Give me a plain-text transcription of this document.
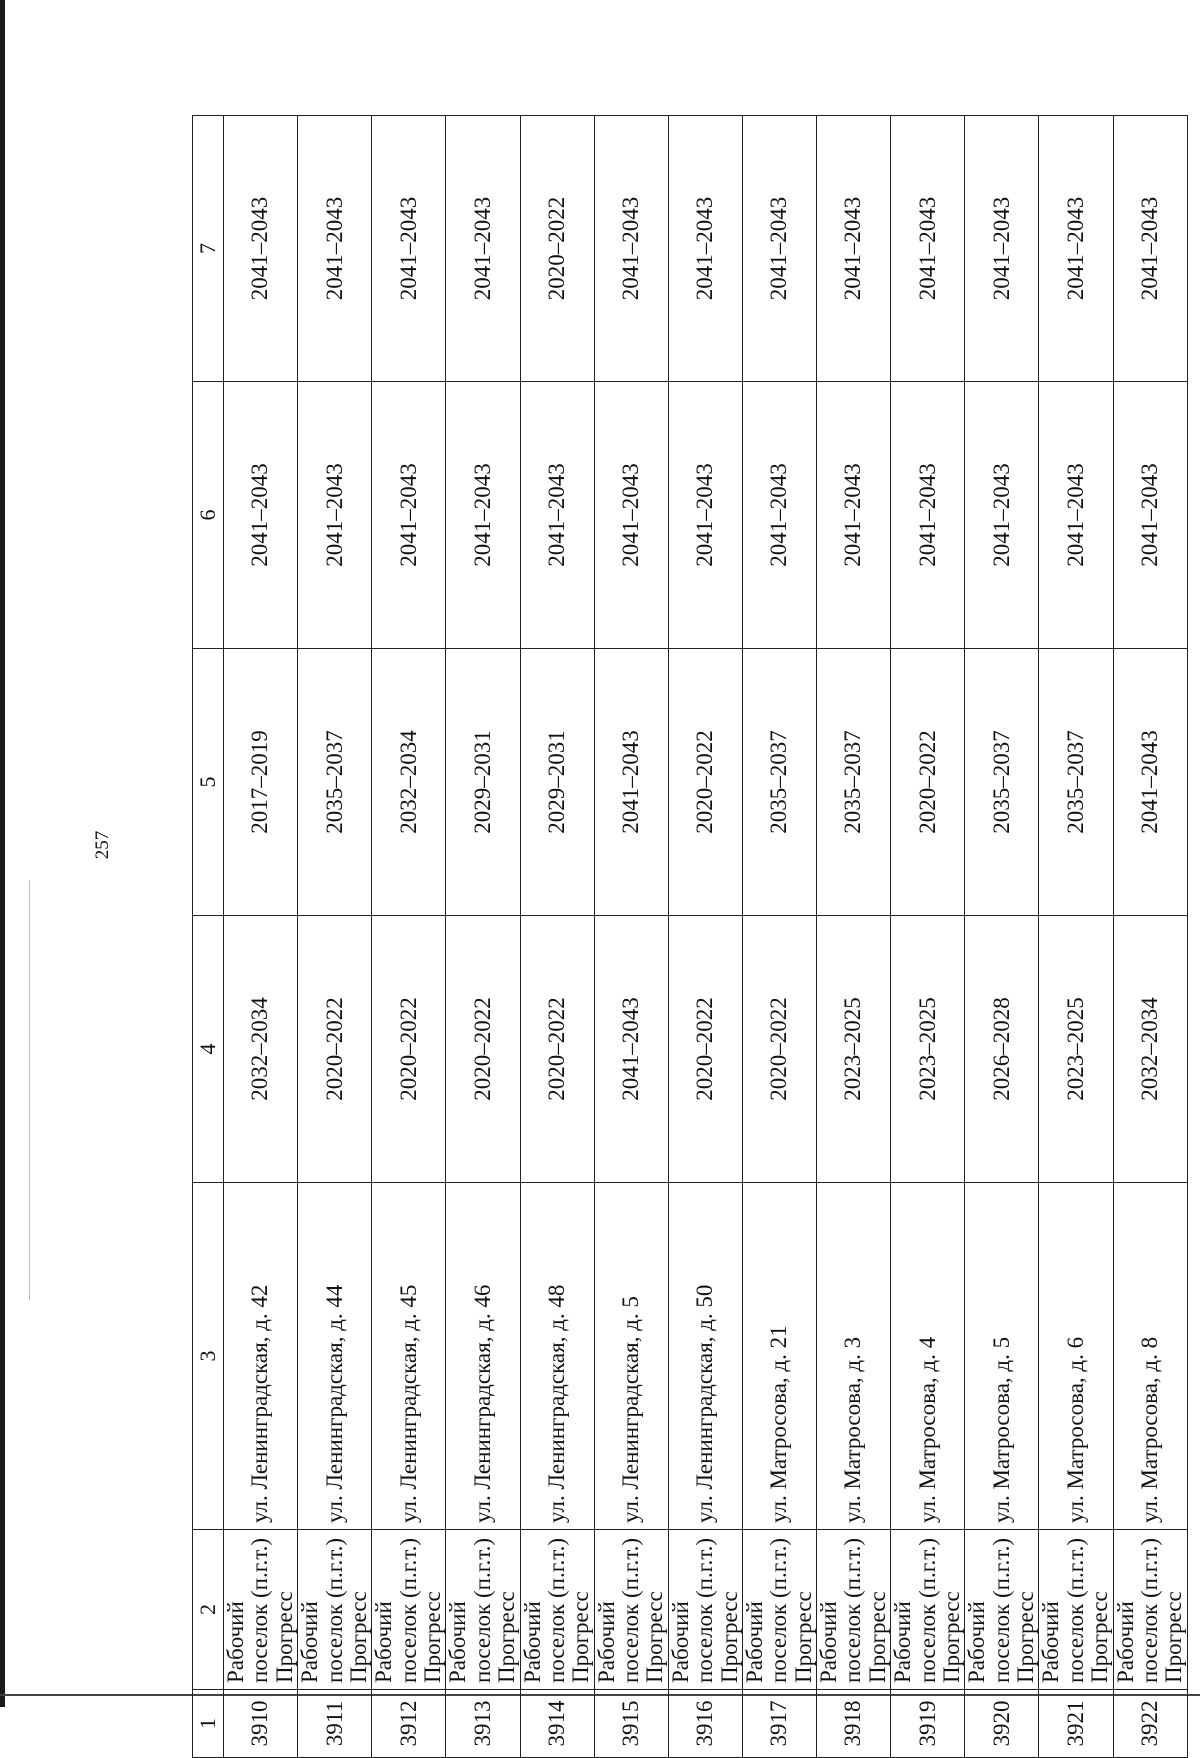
257
1	2	3	4	5	6	7
3910	Рабочий поселок (п.г.т.) Прогресс	ул. Ленинградская, д. 42	2032–2034	2017–2019	2041–2043	2041–2043
3911	Рабочий поселок (п.г.т.) Прогресс	ул. Ленинградская, д. 44	2020–2022	2035–2037	2041–2043	2041–2043
3912	Рабочий поселок (п.г.т.) Прогресс	ул. Ленинградская, д. 45	2020–2022	2032–2034	2041–2043	2041–2043
3913	Рабочий поселок (п.г.т.) Прогресс	ул. Ленинградская, д. 46	2020–2022	2029–2031	2041–2043	2041–2043
3914	Рабочий поселок (п.г.т.) Прогресс	ул. Ленинградская, д. 48	2020–2022	2029–2031	2041–2043	2020–2022
3915	Рабочий поселок (п.г.т.) Прогресс	ул. Ленинградская, д. 5	2041–2043	2041–2043	2041–2043	2041–2043
3916	Рабочий поселок (п.г.т.) Прогресс	ул. Ленинградская, д. 50	2020–2022	2020–2022	2041–2043	2041–2043
3917	Рабочий поселок (п.г.т.) Прогресс	ул. Матросова, д. 21	2020–2022	2035–2037	2041–2043	2041–2043
3918	Рабочий поселок (п.г.т.) Прогресс	ул. Матросова, д. 3	2023–2025	2035–2037	2041–2043	2041–2043
3919	Рабочий поселок (п.г.т.) Прогресс	ул. Матросова, д. 4	2023–2025	2020–2022	2041–2043	2041–2043
3920	Рабочий поселок (п.г.т.) Прогресс	ул. Матросова, д. 5	2026–2028	2035–2037	2041–2043	2041–2043
3921	Рабочий поселок (п.г.т.) Прогресс	ул. Матросова, д. 6	2023–2025	2035–2037	2041–2043	2041–2043
3922	Рабочий поселок (п.г.т.) Прогресс	ул. Матросова, д. 8	2032–2034	2041–2043	2041–2043	2041–2043
